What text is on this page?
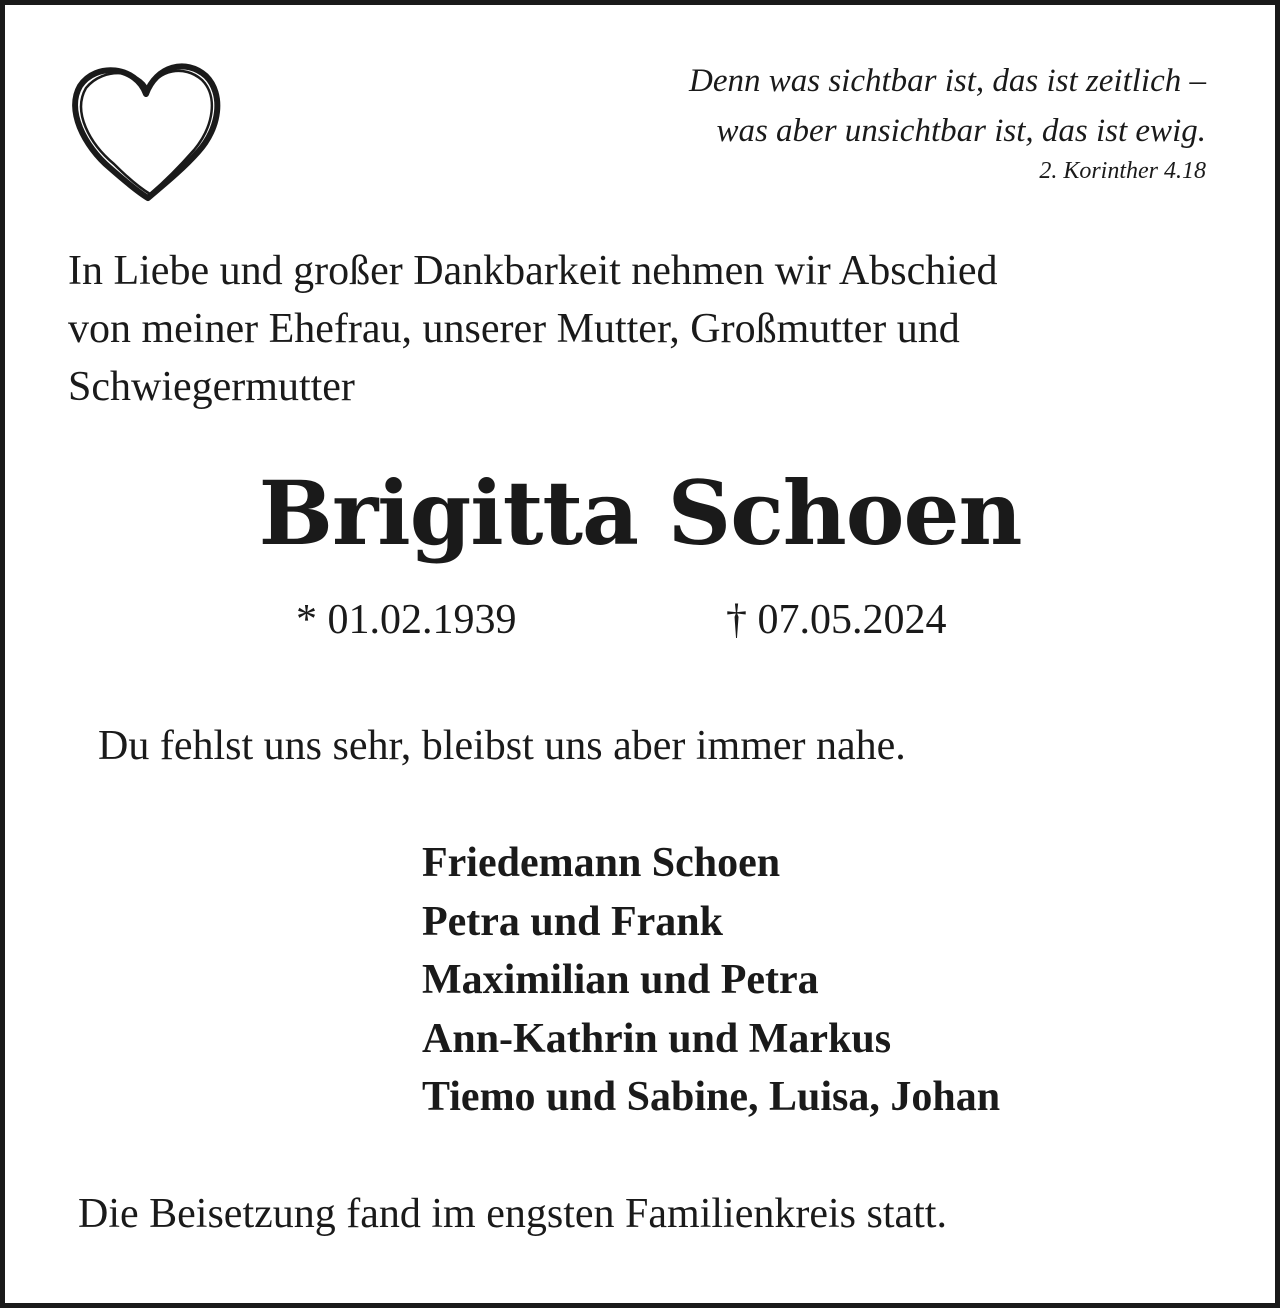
Denn was sichtbar ist, das ist zeitlich –
was aber unsichtbar ist, das ist ewig.
2. Korinther 4.18
In Liebe und großer Dankbarkeit nehmen wir Abschied
von meiner Ehefrau, unserer Mutter, Großmutter und
Schwiegermutter
Brigitta Schoen
* 01.02.1939	† 07.05.2024
Du fehlst uns sehr, bleibst uns aber immer nahe.
Friedemann Schoen
Petra und Frank
Maximilian und Petra
Ann-Kathrin und Markus
Tiemo und Sabine, Luisa, Johan
Die Beisetzung fand im engsten Familienkreis statt.
